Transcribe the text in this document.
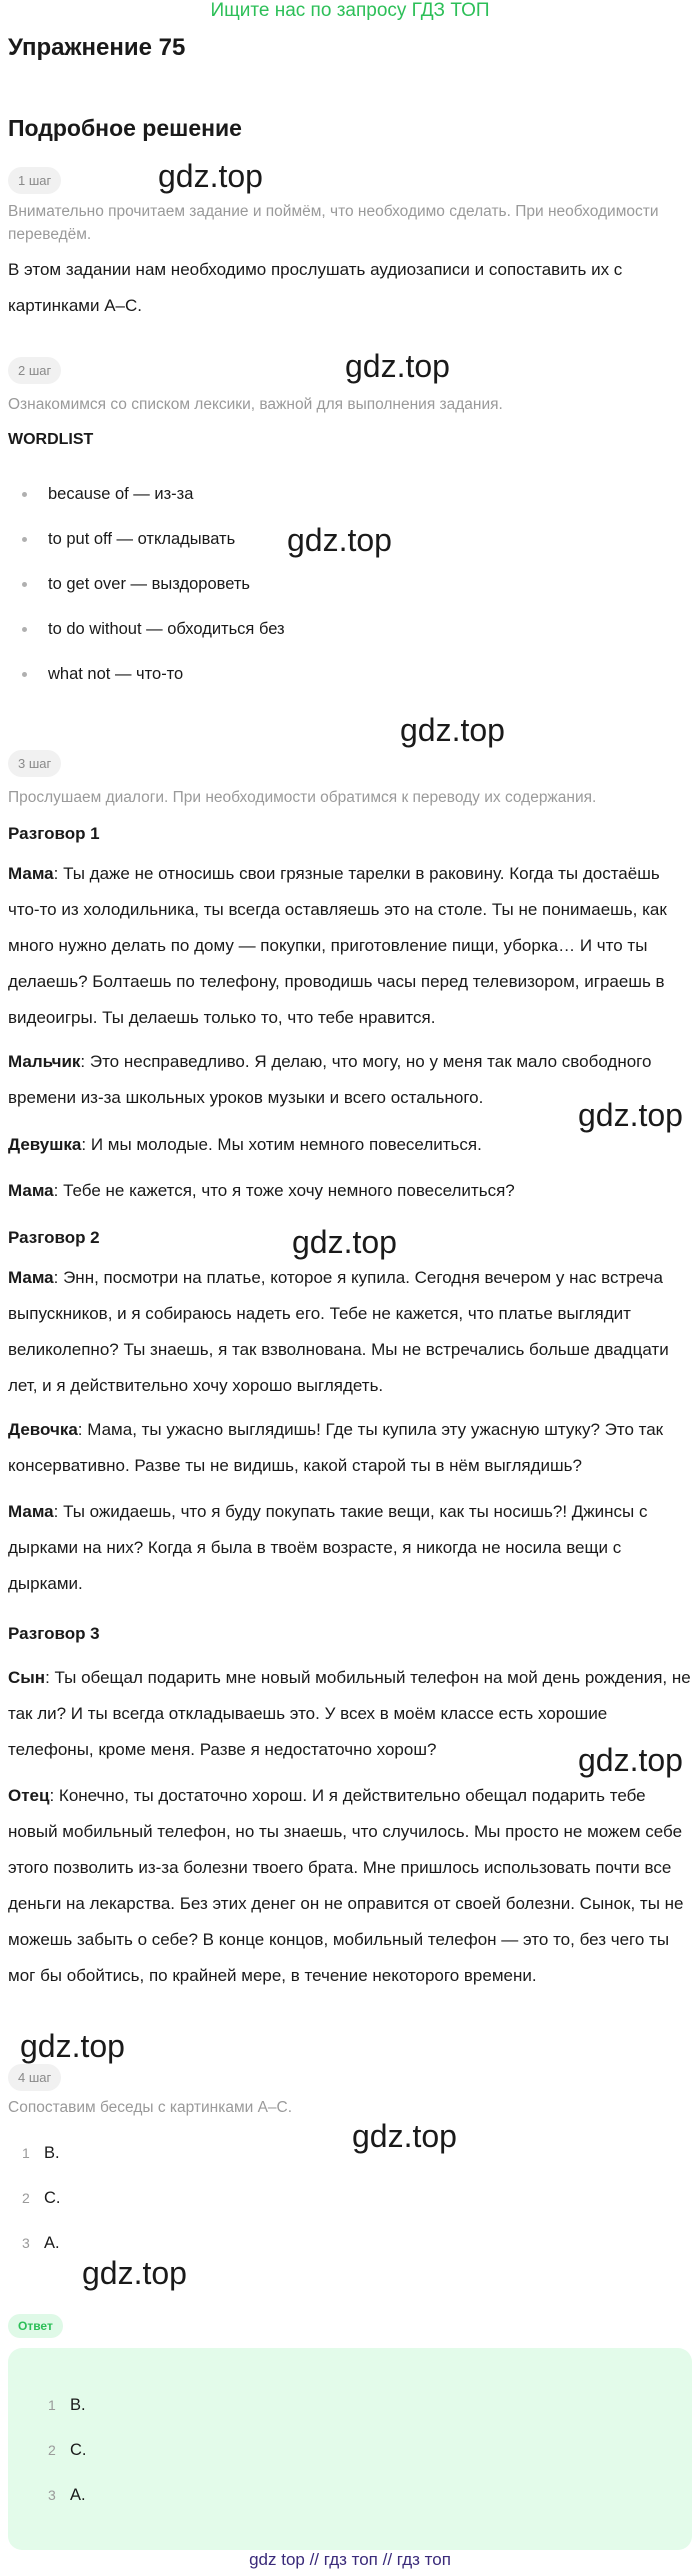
Ищите нас по запросу ГДЗ ТОП
Упражнение 75
Подробное решение
1 шаг
Внимательно прочитаем задание и поймём, что необходимо сделать. При необходимости переведём.
В этом задании нам необходимо прослушать аудиозаписи и сопоставить их с картинками A–C.
2 шаг
Ознакомимся со списком лексики, важной для выполнения задания.
WORDLIST
because of — из-за
to put off — откладывать
to get over — выздороветь
to do without — обходиться без
what not — что-то
3 шаг
Прослушаем диалоги. При необходимости обратимся к переводу их содержания.
Разговор 1
Мама: Ты даже не относишь свои грязные тарелки в раковину. Когда ты достаёшь что-то из холодильника, ты всегда оставляешь это на столе. Ты не понимаешь, как много нужно делать по дому — покупки, приготовление пищи, уборка… И что ты делаешь? Болтаешь по телефону, проводишь часы перед телевизором, играешь в видеоигры. Ты делаешь только то, что тебе нравится.
Мальчик: Это несправедливо. Я делаю, что могу, но у меня так мало свободного времени из-за школьных уроков музыки и всего остального.
Девушка: И мы молодые. Мы хотим немного повеселиться.
Мама: Тебе не кажется, что я тоже хочу немного повеселиться?
Разговор 2
Мама: Энн, посмотри на платье, которое я купила. Сегодня вечером у нас встреча выпускников, и я собираюсь надеть его. Тебе не кажется, что платье выглядит великолепно? Ты знаешь, я так взволнована. Мы не встречались больше двадцати лет, и я действительно хочу хорошо выглядеть.
Девочка: Мама, ты ужасно выглядишь! Где ты купила эту ужасную штуку? Это так консервативно. Разве ты не видишь, какой старой ты в нём выглядишь?
Мама: Ты ожидаешь, что я буду покупать такие вещи, как ты носишь?! Джинсы с дырками на них? Когда я была в твоём возрасте, я никогда не носила вещи с дырками.
Разговор 3
Сын: Ты обещал подарить мне новый мобильный телефон на мой день рождения, не так ли? И ты всегда откладываешь это. У всех в моём классе есть хорошие телефоны, кроме меня. Разве я недостаточно хорош?
Отец: Конечно, ты достаточно хорош. И я действительно обещал подарить тебе новый мобильный телефон, но ты знаешь, что случилось. Мы просто не можем себе этого позволить из-за болезни твоего брата. Мне пришлось использовать почти все деньги на лекарства. Без этих денег он не оправится от своей болезни. Сынок, ты не можешь забыть о себе? В конце концов, мобильный телефон — это то, без чего ты мог бы обойтись, по крайней мере, в течение некоторого времени.
4 шаг
Сопоставим беседы с картинками A–C.
1 B.
2 C.
3 A.
Ответ
1 B.
2 C.
3 A.
gdz.top
gdz.top
gdz.top
gdz.top
gdz.top
gdz.top
gdz.top
gdz.top
gdz.top
gdz.top
gdz top // гдз топ // гдз топ
